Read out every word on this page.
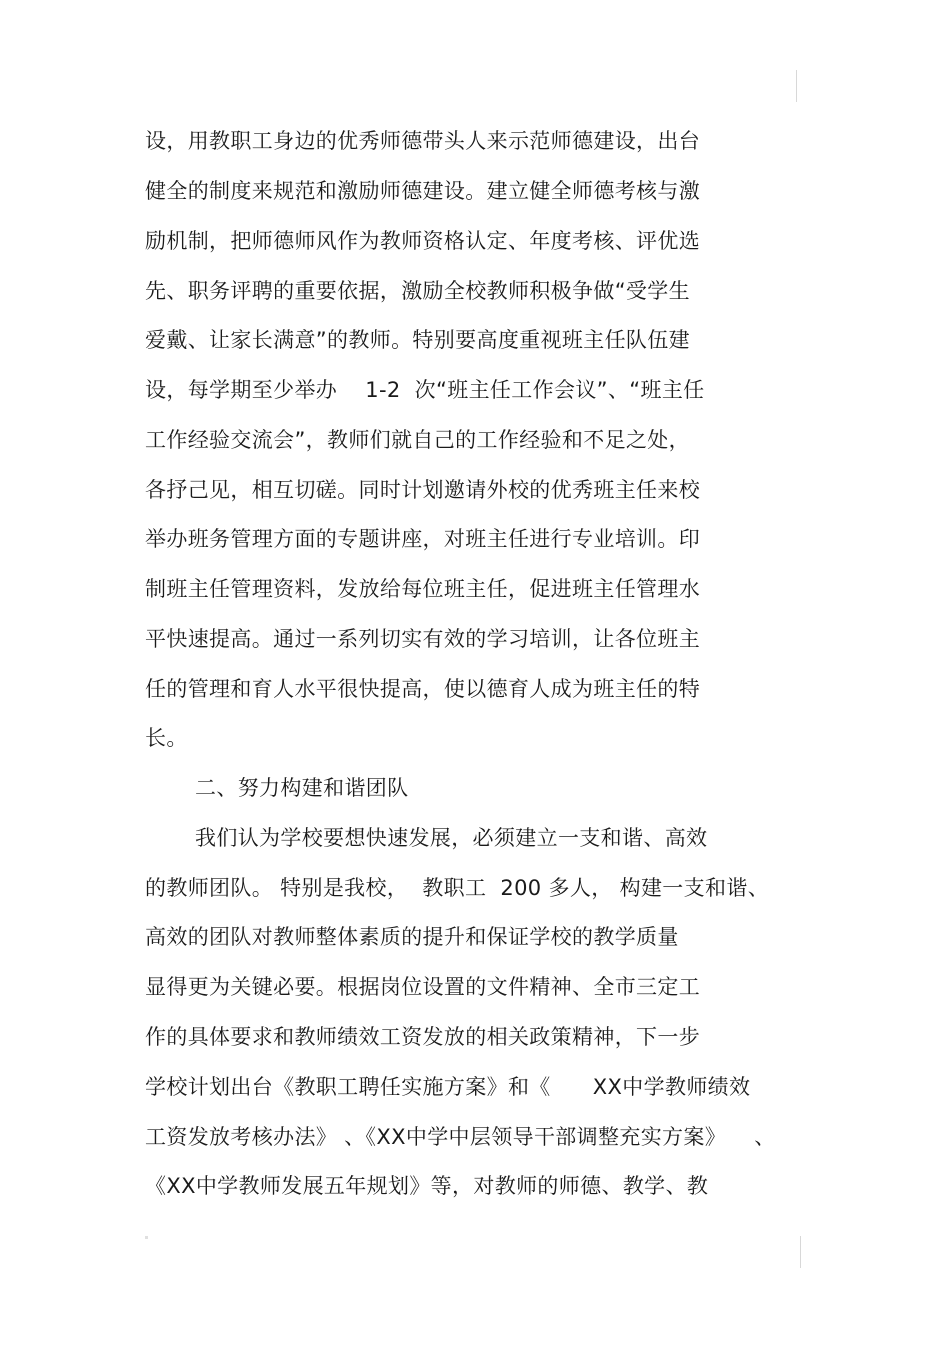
设，用教职工身边的优秀师德带头人来示范师德建设，出台
健全的制度来规范和激励师德建设。建立健全师德考核与激
励机制，把师德师风作为教师资格认定、年度考核、评优选
先、职务评聘的重要依据，激励全校教师积极争做“受学生
爱戴、让家长满意”的教师。特别要高度重视班主任队伍建
设，每学期至少举办    1-2  次“班主任工作会议”、“班主任
工作经验交流会”，教师们就自己的工作经验和不足之处，
各抒己见，相互切磋。同时计划邀请外校的优秀班主任来校
举办班务管理方面的专题讲座，对班主任进行专业培训。印
制班主任管理资料，发放给每位班主任，促进班主任管理水
平快速提高。通过一系列切实有效的学习培训，让各位班主
任的管理和育人水平很快提高，使以德育人成为班主任的特
长。
二、努力构建和谐团队
我们认为学校要想快速发展，必须建立一支和谐、高效
的教师团队。 特别是我校，  教职工  200 多人， 构建一支和谐、
高效的团队对教师整体素质的提升和保证学校的教学质量
显得更为关键必要。根据岗位设置的文件精神、全市三定工
作的具体要求和教师绩效工资发放的相关政策精神，下一步
学校计划出台《教职工聘任实施方案》和《      XX中学教师绩效
工资发放考核办法》 、《XX中学中层领导干部调整充实方案》    、
《XX中学教师发展五年规划》等，对教师的师德、教学、教
